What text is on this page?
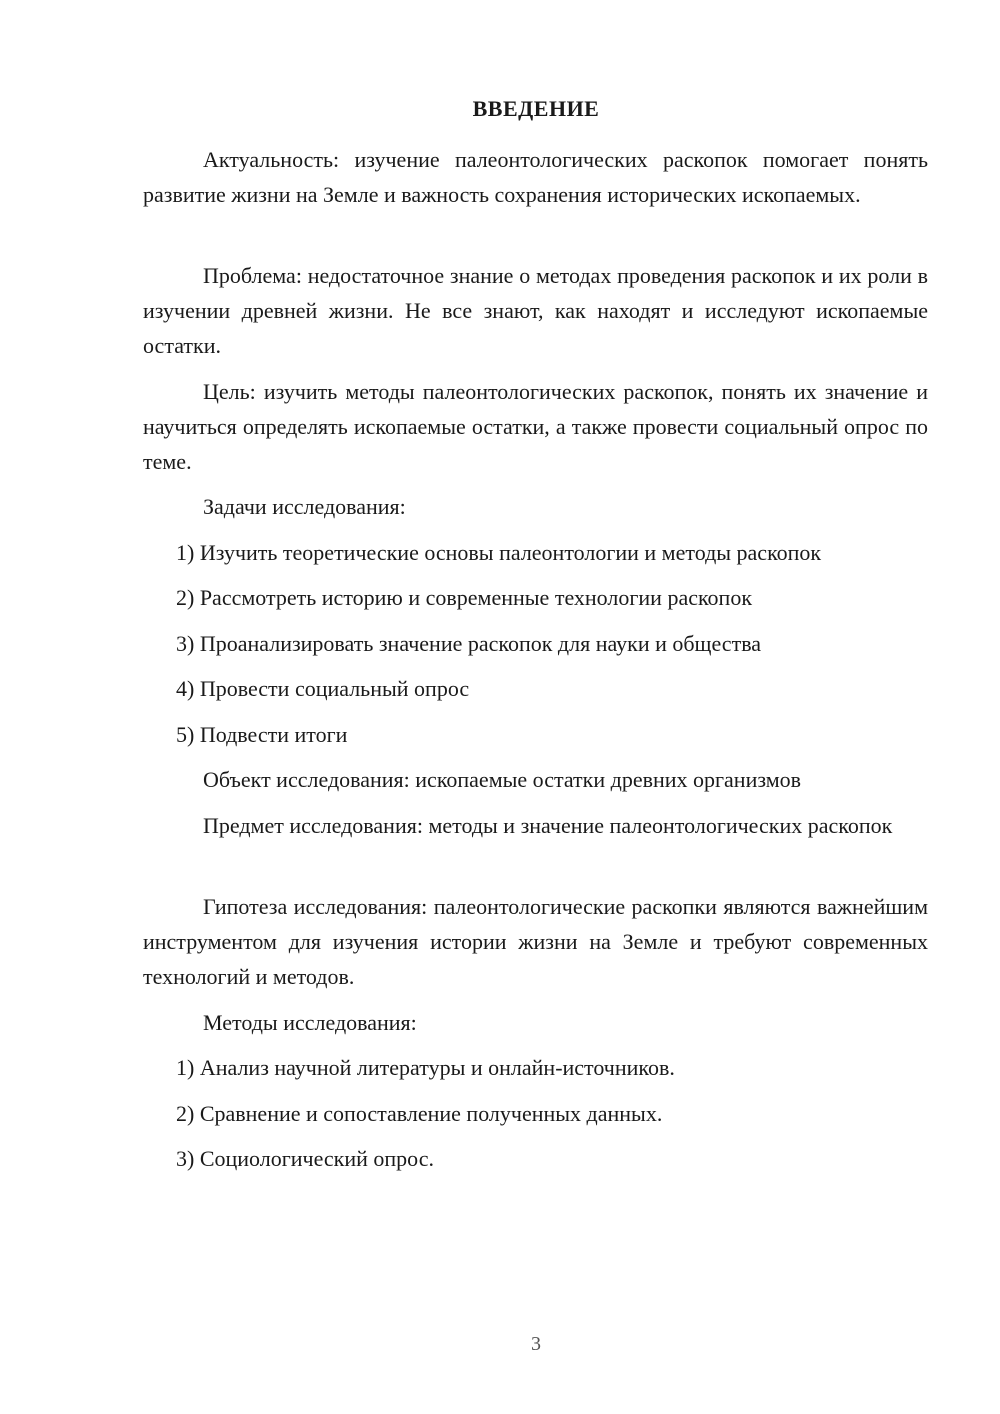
ВВЕДЕНИЕ

Актуальность: изучение палеонтологических раскопок помогает понять развитие жизни на Земле и важность сохранения исторических ископаемых.

Проблема: недостаточное знание о методах проведения раскопок и их роли в изучении древней жизни. Не все знают, как находят и исследуют ископаемые остатки.

Цель: изучить методы палеонтологических раскопок, понять их значение и научиться определять ископаемые остатки, а также провести социальный опрос по теме.

Задачи исследования:

1) Изучить теоретические основы палеонтологии и методы раскопок

2) Рассмотреть историю и современные технологии раскопок

3) Проанализировать значение раскопок для науки и общества

4) Провести социальный опрос

5) Подвести итоги

Объект исследования: ископаемые остатки древних организмов

Предмет исследования: методы и значение палеонтологических раскопок

Гипотеза исследования: палеонтологические раскопки являются важнейшим инструментом для изучения истории жизни на Земле и требуют современных технологий и методов.

Методы исследования:

1) Анализ научной литературы и онлайн-источников.

2) Сравнение и сопоставление полученных данных.

3) Социологический опрос.

3
